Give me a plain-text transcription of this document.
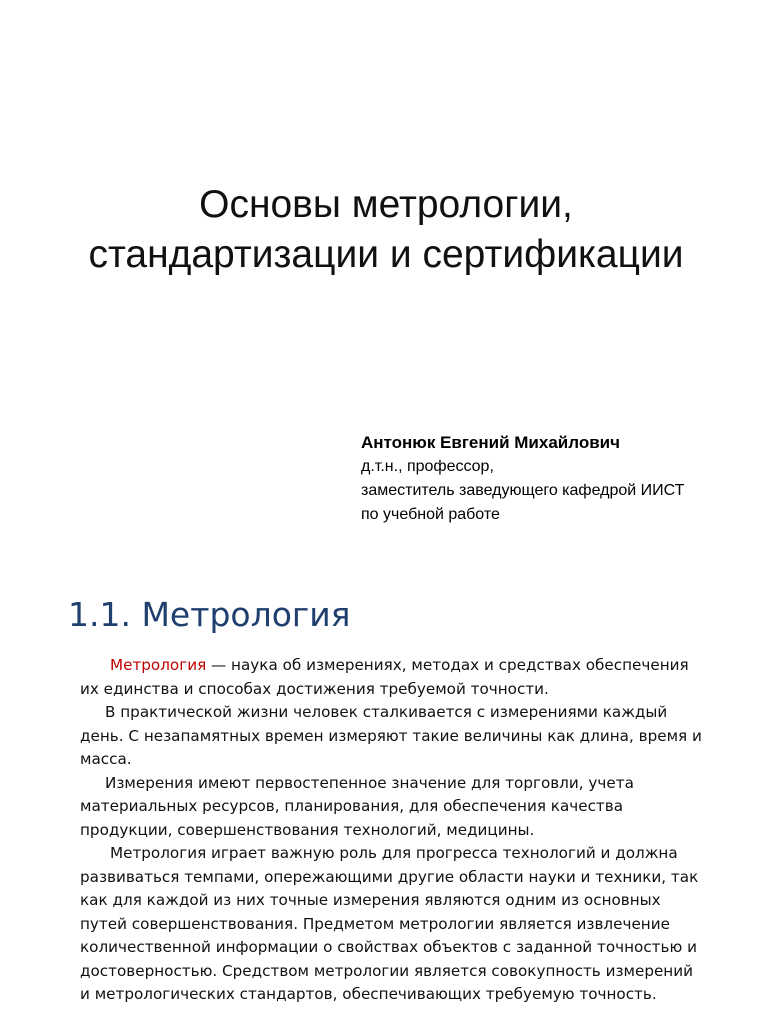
Основы метрологии,
стандартизации и сертификации
Антонюк Евгений Михайлович
д.т.н., профессор,
заместитель заведующего кафедрой ИИСТ
по учебной работе
1.1. Метрология
Метрология — наука об измерениях, методах и средствах обеспечения
их единства и способах достижения требуемой точности.
В практической жизни человек сталкивается с измерениями каждый
день. С незапамятных времен измеряют такие величины как длина, время и
масса.
Измерения имеют первостепенное значение для торговли, учета
материальных ресурсов, планирования, для обеспечения качества
продукции, совершенствования технологий, медицины.
Метрология играет важную роль для прогресса технологий и должна
развиваться темпами, опережающими другие области науки и техники, так
как для каждой из них точные измерения являются одним из основных
путей совершенствования. Предметом метрологии является извлечение
количественной информации о свойствах объектов с заданной точностью и
достоверностью. Средством метрологии является совокупность измерений
и метрологических стандартов, обеспечивающих требуемую точность.
